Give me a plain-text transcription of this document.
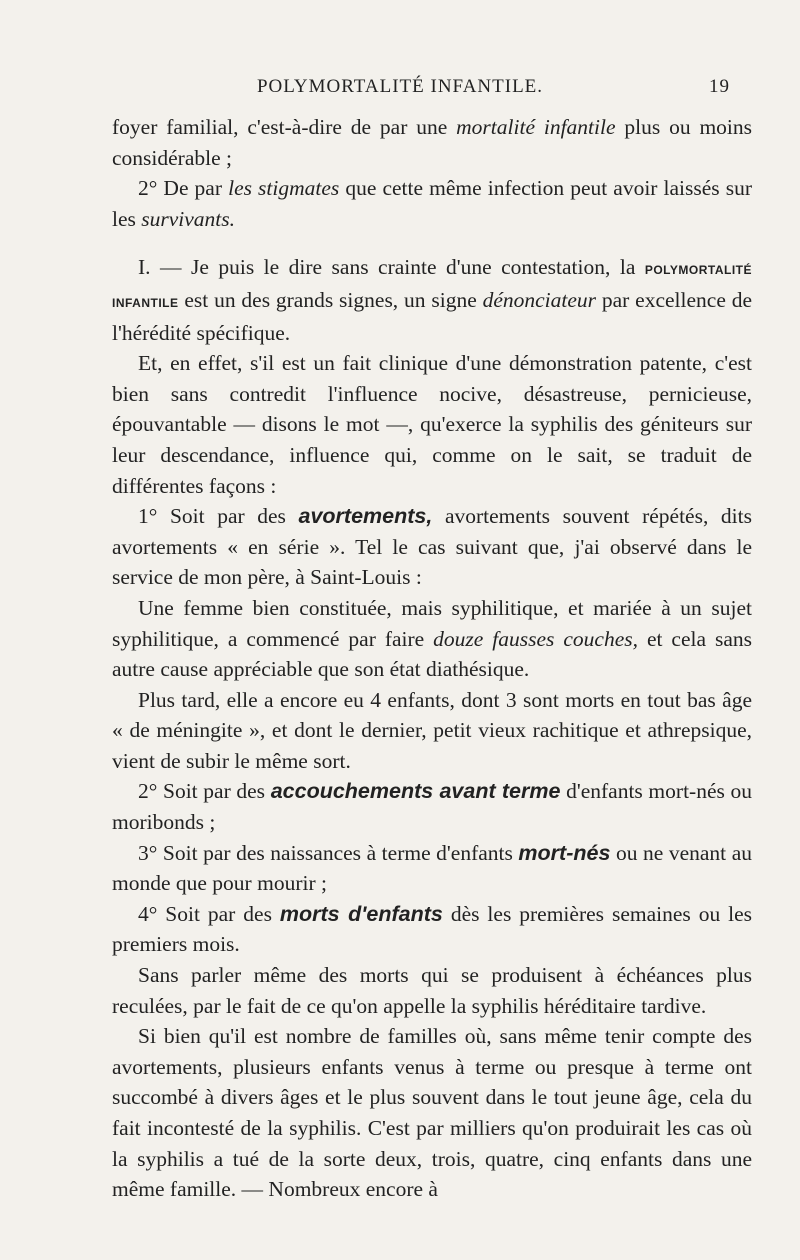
POLYMORTALITÉ INFANTILE.	19

foyer familial, c'est-à-dire de par une mortalité infantile plus ou moins considérable ;

2° De par les stigmates que cette même infection peut avoir laissés sur les survivants.

I. — Je puis le dire sans crainte d'une contestation, la polymortalité infantile est un des grands signes, un signe dénonciateur par excellence de l'hérédité spécifique.

Et, en effet, s'il est un fait clinique d'une démonstration patente, c'est bien sans contredit l'influence nocive, désastreuse, pernicieuse, épouvantable — disons le mot —, qu'exerce la syphilis des géniteurs sur leur descendance, influence qui, comme on le sait, se traduit de différentes façons :

1° Soit par des avortements, avortements souvent répétés, dits avortements « en série ». Tel le cas suivant que, j'ai observé dans le service de mon père, à Saint-Louis :

Une femme bien constituée, mais syphilitique, et mariée à un sujet syphilitique, a commencé par faire douze fausses couches, et cela sans autre cause appréciable que son état diathésique.

Plus tard, elle a encore eu 4 enfants, dont 3 sont morts en tout bas âge « de méningite », et dont le dernier, petit vieux rachitique et athrepsique, vient de subir le même sort.

2° Soit par des accouchements avant terme d'enfants mort-nés ou moribonds ;

3° Soit par des naissances à terme d'enfants mort-nés ou ne venant au monde que pour mourir ;

4° Soit par des morts d'enfants dès les premières semaines ou les premiers mois.

Sans parler même des morts qui se produisent à échéances plus reculées, par le fait de ce qu'on appelle la syphilis héréditaire tardive.

Si bien qu'il est nombre de familles où, sans même tenir compte des avortements, plusieurs enfants venus à terme ou presque à terme ont succombé à divers âges et le plus souvent dans le tout jeune âge, cela du fait incontesté de la syphilis. C'est par milliers qu'on produirait les cas où la syphilis a tué de la sorte deux, trois, quatre, cinq enfants dans une même famille. — Nombreux encore à
